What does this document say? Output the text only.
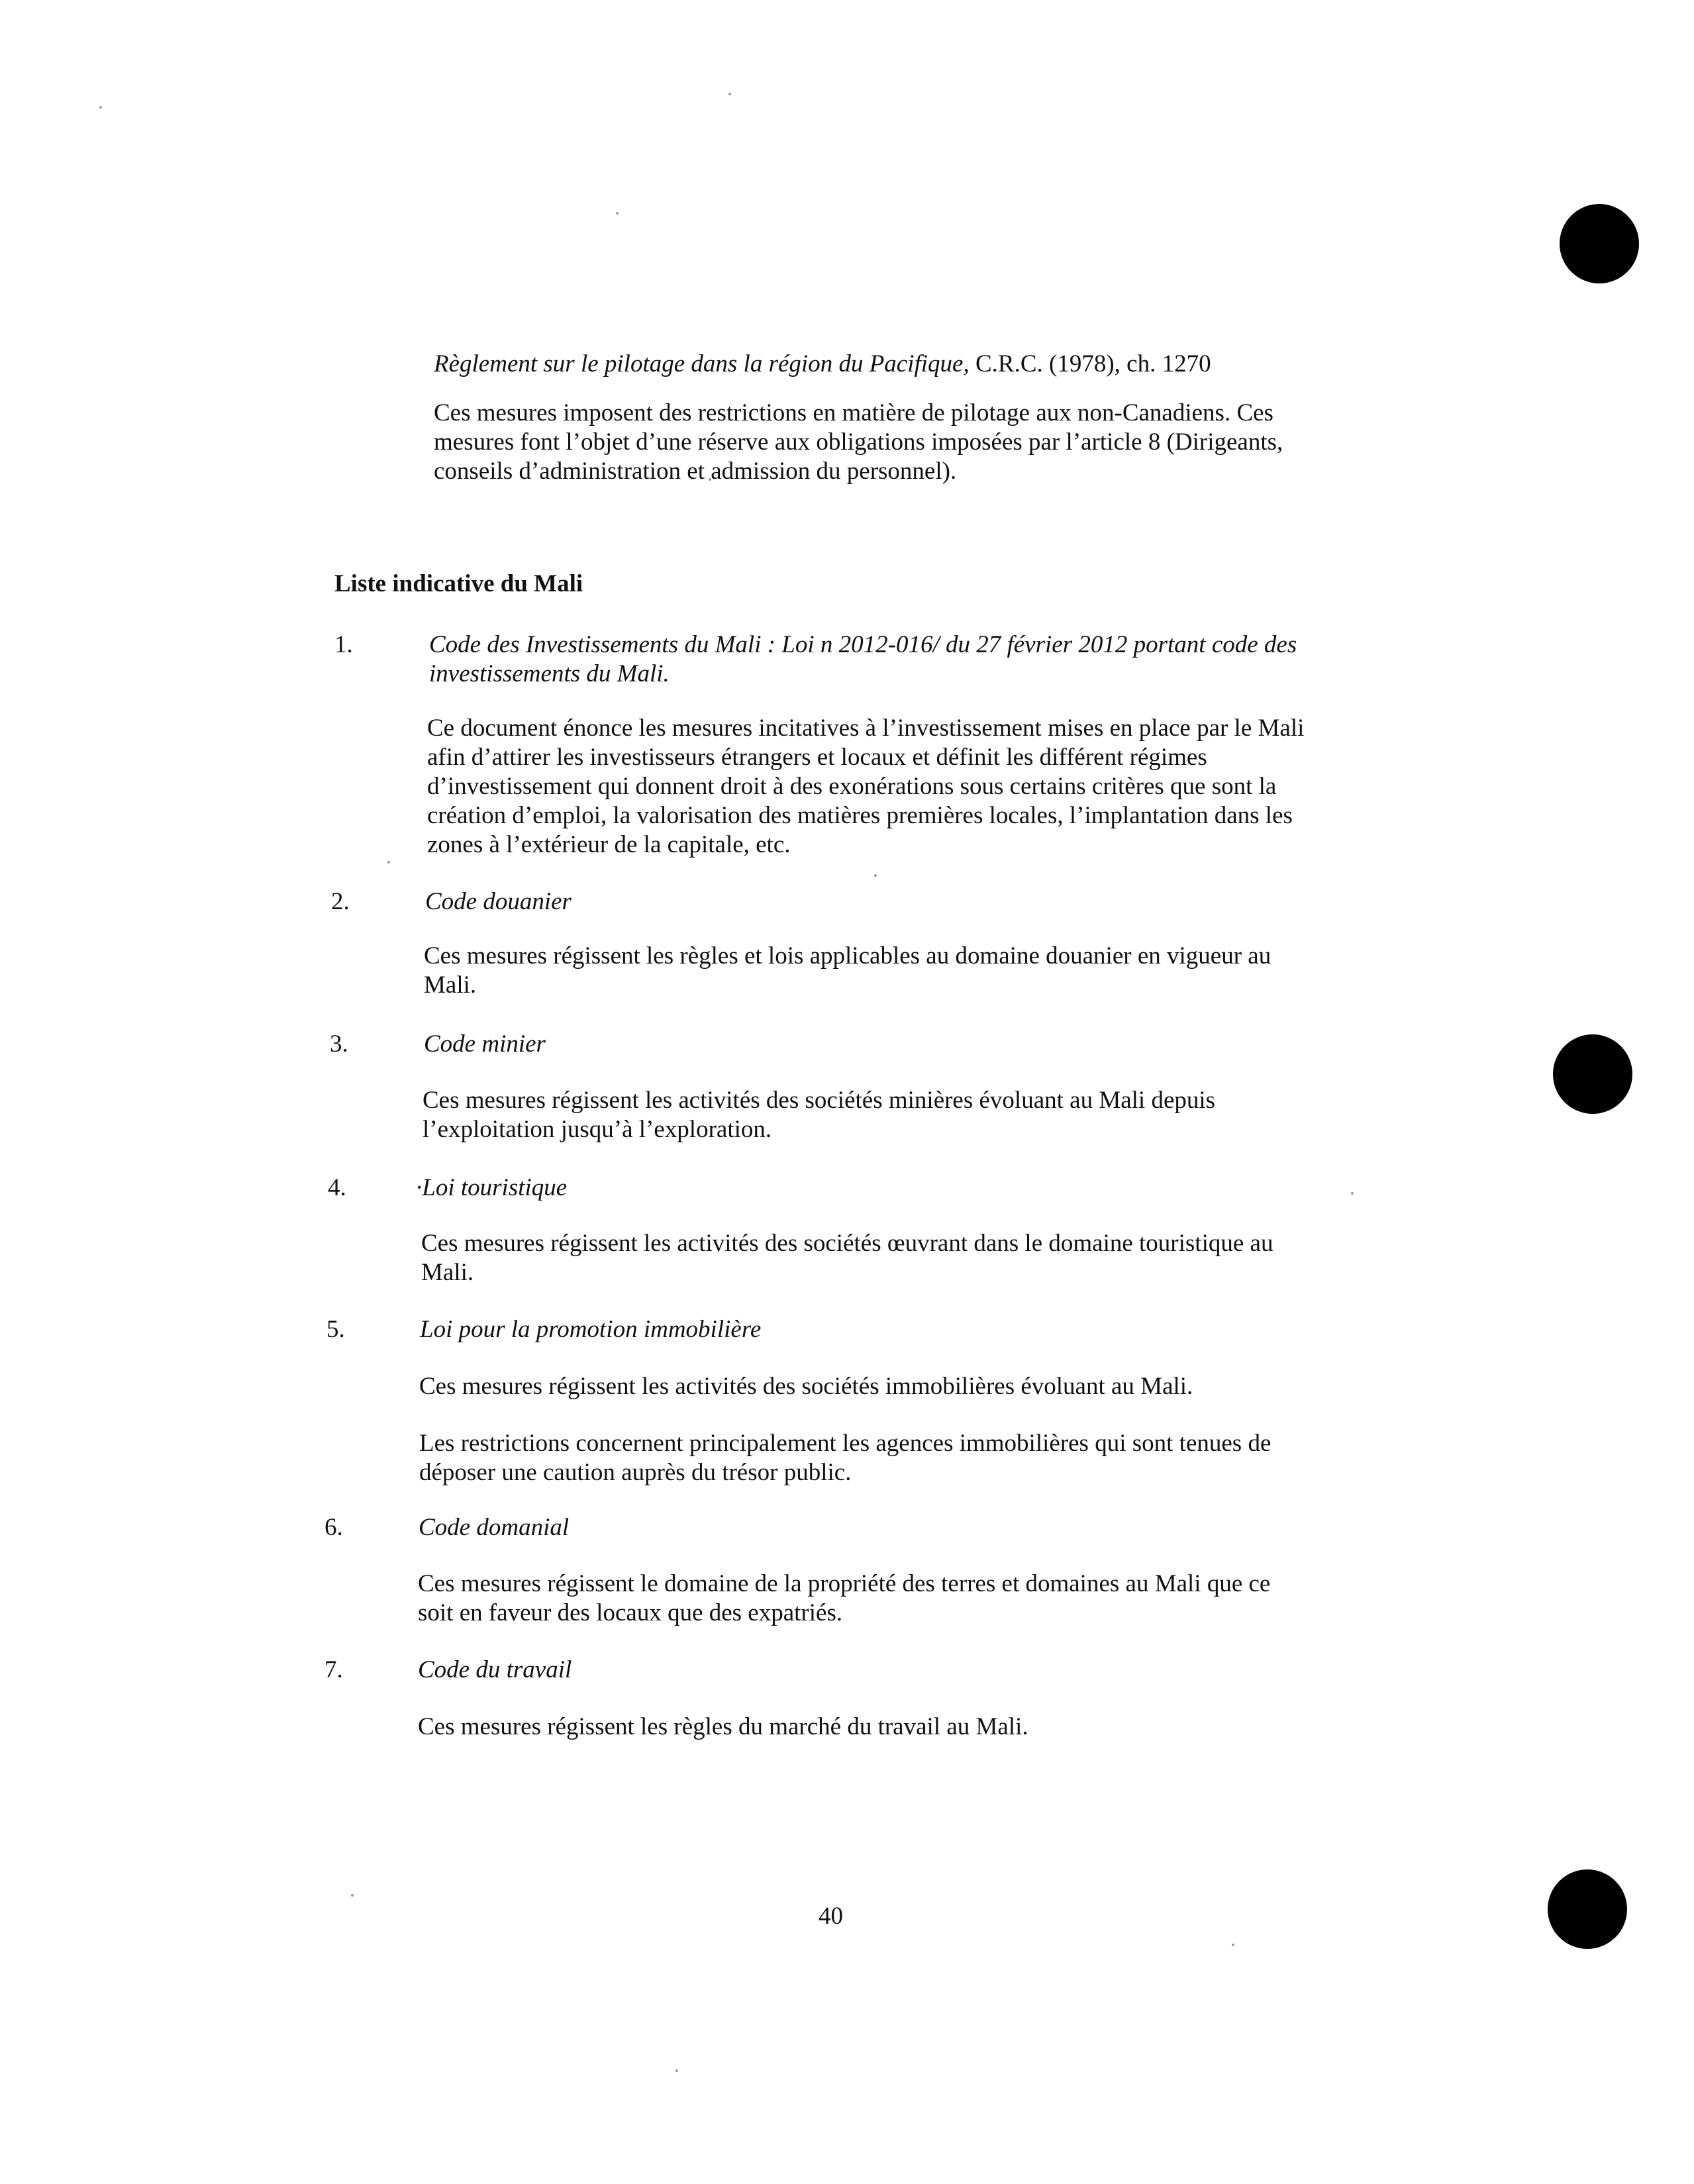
Règlement sur le pilotage dans la région du Pacifique, C.R.C. (1978), ch. 1270

Ces mesures imposent des restrictions en matière de pilotage aux non-Canadiens. Ces
mesures font l’objet d’une réserve aux obligations imposées par l’article 8 (Dirigeants,
conseils d’administration et admission du personnel).
Liste indicative du Mali
1.	Code des Investissements du Mali : Loi n 2012-016/ du 27 février 2012 portant code des
investissements du Mali.
Ce document énonce les mesures incitatives à l’investissement mises en place par le Mali
afin d’attirer les investisseurs étrangers et locaux et définit les différent régimes
d’investissement qui donnent droit à des exonérations sous certains critères que sont la
création d’emploi, la valorisation des matières premières locales, l’implantation dans les
zones à l’extérieur de la capitale, etc.
2.	Code douanier
Ces mesures régissent les règles et lois applicables au domaine douanier en vigueur au
Mali.
3.	Code minier
Ces mesures régissent les activités des sociétés minières évoluant au Mali depuis
l’exploitation jusqu’à l’exploration.
4.	·Loi touristique
Ces mesures régissent les activités des sociétés œuvrant dans le domaine touristique au
Mali.
5.	Loi pour la promotion immobilière
Ces mesures régissent les activités des sociétés immobilières évoluant au Mali.
Les restrictions concernent principalement les agences immobilières qui sont tenues de
déposer une caution auprès du trésor public.
6.	Code domanial
Ces mesures régissent le domaine de la propriété des terres et domaines au Mali que ce
soit en faveur des locaux que des expatriés.
7.	Code du travail
Ces mesures régissent les règles du marché du travail au Mali.
40
